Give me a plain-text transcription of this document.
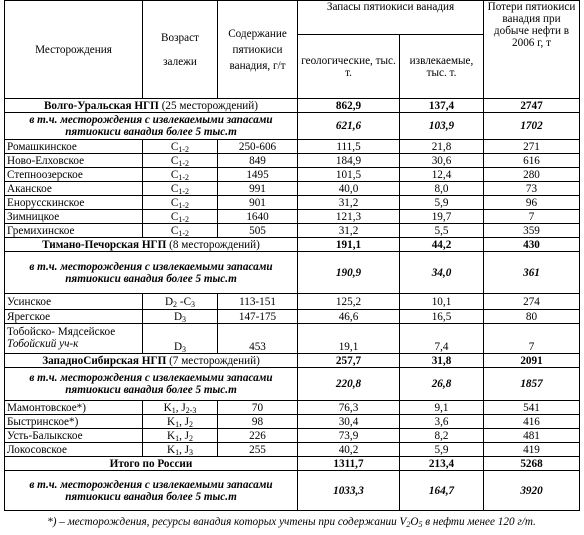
Месторождения	Возраст залежи	Содержание пятиокиси ванадия, г/т	Запасы пятиокиси ванадия		Потери пятиокиси ванадия при добыче нефти в 2006 г, т
			геологические, тыс. т.	извлекаемые, тыс. т.	
Волго-Уральская НГП (25 месторождений)			862,9	137,4	2747
в т.ч. месторождения с извлекаемыми запасами пятиокиси ванадия более 5 тыс.т			621,6	103,9	1702
Ромашкинское	$C_{1-2}$	250-606	111,5	21,8	271
Ново-Елховское	$C_{1-2}$	849	184,9	30,6	616
Степноозерское	$C_{1-2}$	1495	101,5	12,4	280
Аканское	$C_{1-2}$	991	40,0	8,0	73
Енорусскинское	$C_{1-2}$	901	31,2	5,9	96
Зимницкое	$C_{1-2}$	1640	121,3	19,7	7
Гремихинское	$C_{1-2}$	505	31,2	5,5	359
Тимано-Печорская НГП (8 месторождений)			191,1	44,2	430
в т.ч. месторождения с извлекаемыми запасами пятиокиси ванадия более 5 тыс.т			190,9	34,0	361
Усинское	$D_2$ $-C_3$	113-151	125,2	10,1	274
Ярегское	$D_3$	147-175	46,6	16,5	80
Тобойско- Мядсейское
Тобойский уч-к	$D_3$	453	19,1	7,4	7
ЗападноСибирская НГП (7 месторождений)			257,7	31,8	2091
в т.ч. месторождения с извлекаемыми запасами пятиокиси ванадия более 5 тыс.т			220,8	26,8	1857
Мамонтовское*)	$K_1$, $J_{2-3}$	70	76,3	9,1	541
Быстринское*)	$K_1$, $J_2$	98	30,4	3,6	416
Усть-Балыкское	$K_1$, $J_2$	226	73,9	8,2	481
Локосовское	$K_1$, $J_3$	255	40,2	5,9	419
Итого по России			1311,7	213,4	5268
в т.ч. месторождения с извлекаемыми запасами пятиокиси ванадия более 5 тыс.т			1033,3	164,7	3920
*) – месторождения, ресурсы ванадия которых учтены при содержании $V_2O_5$ в нефти менее 120 г/т.
